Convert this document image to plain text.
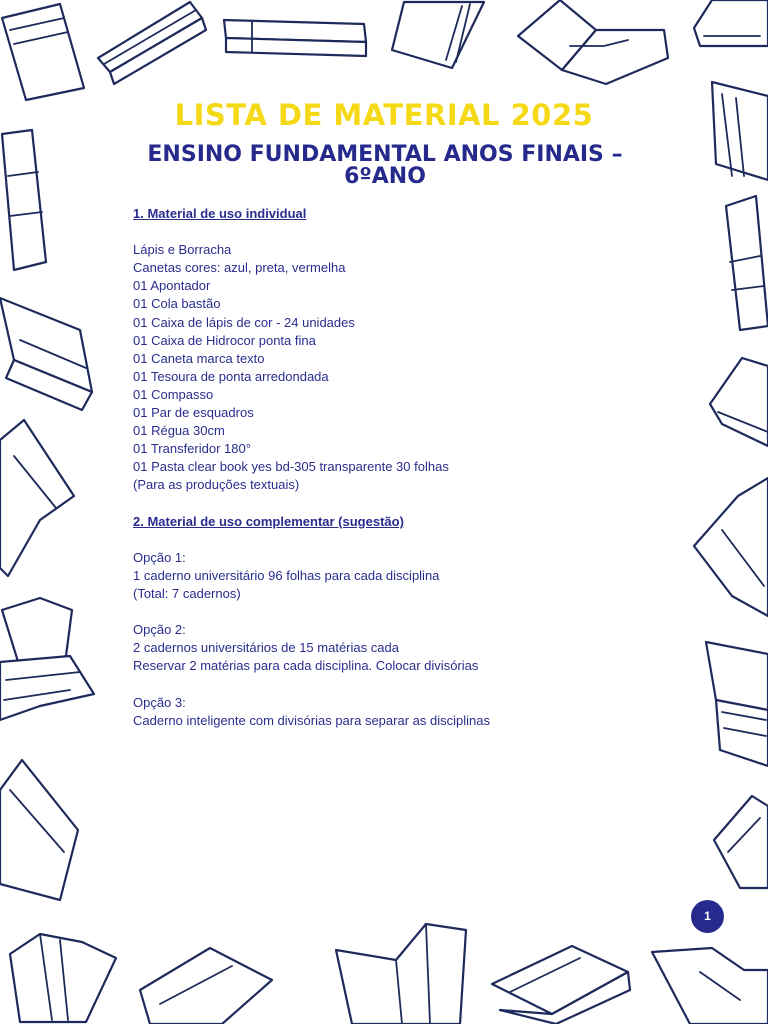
LISTA DE MATERIAL 2025
ENSINO FUNDAMENTAL ANOS FINAIS – 6ºANO
1. Material de uso individual
Lápis e Borracha
Canetas cores: azul, preta, vermelha
01 Apontador
01 Cola bastão
01 Caixa de lápis de cor - 24 unidades
01 Caixa de Hidrocor ponta fina
01 Caneta marca texto
01 Tesoura de ponta arredondada
01 Compasso
01 Par de esquadros
01 Régua 30cm
01 Transferidor 180°
01 Pasta clear book yes bd-305 transparente 30 folhas
(Para as produções textuais)
2. Material de uso complementar (sugestão)
Opção 1:
1 caderno universitário 96 folhas para cada disciplina
(Total: 7 cadernos)
Opção 2:
2 cadernos universitários de 15 matérias cada
Reservar 2 matérias para cada disciplina. Colocar divisórias
Opção 3:
Caderno inteligente com divisórias para separar as disciplinas
1
